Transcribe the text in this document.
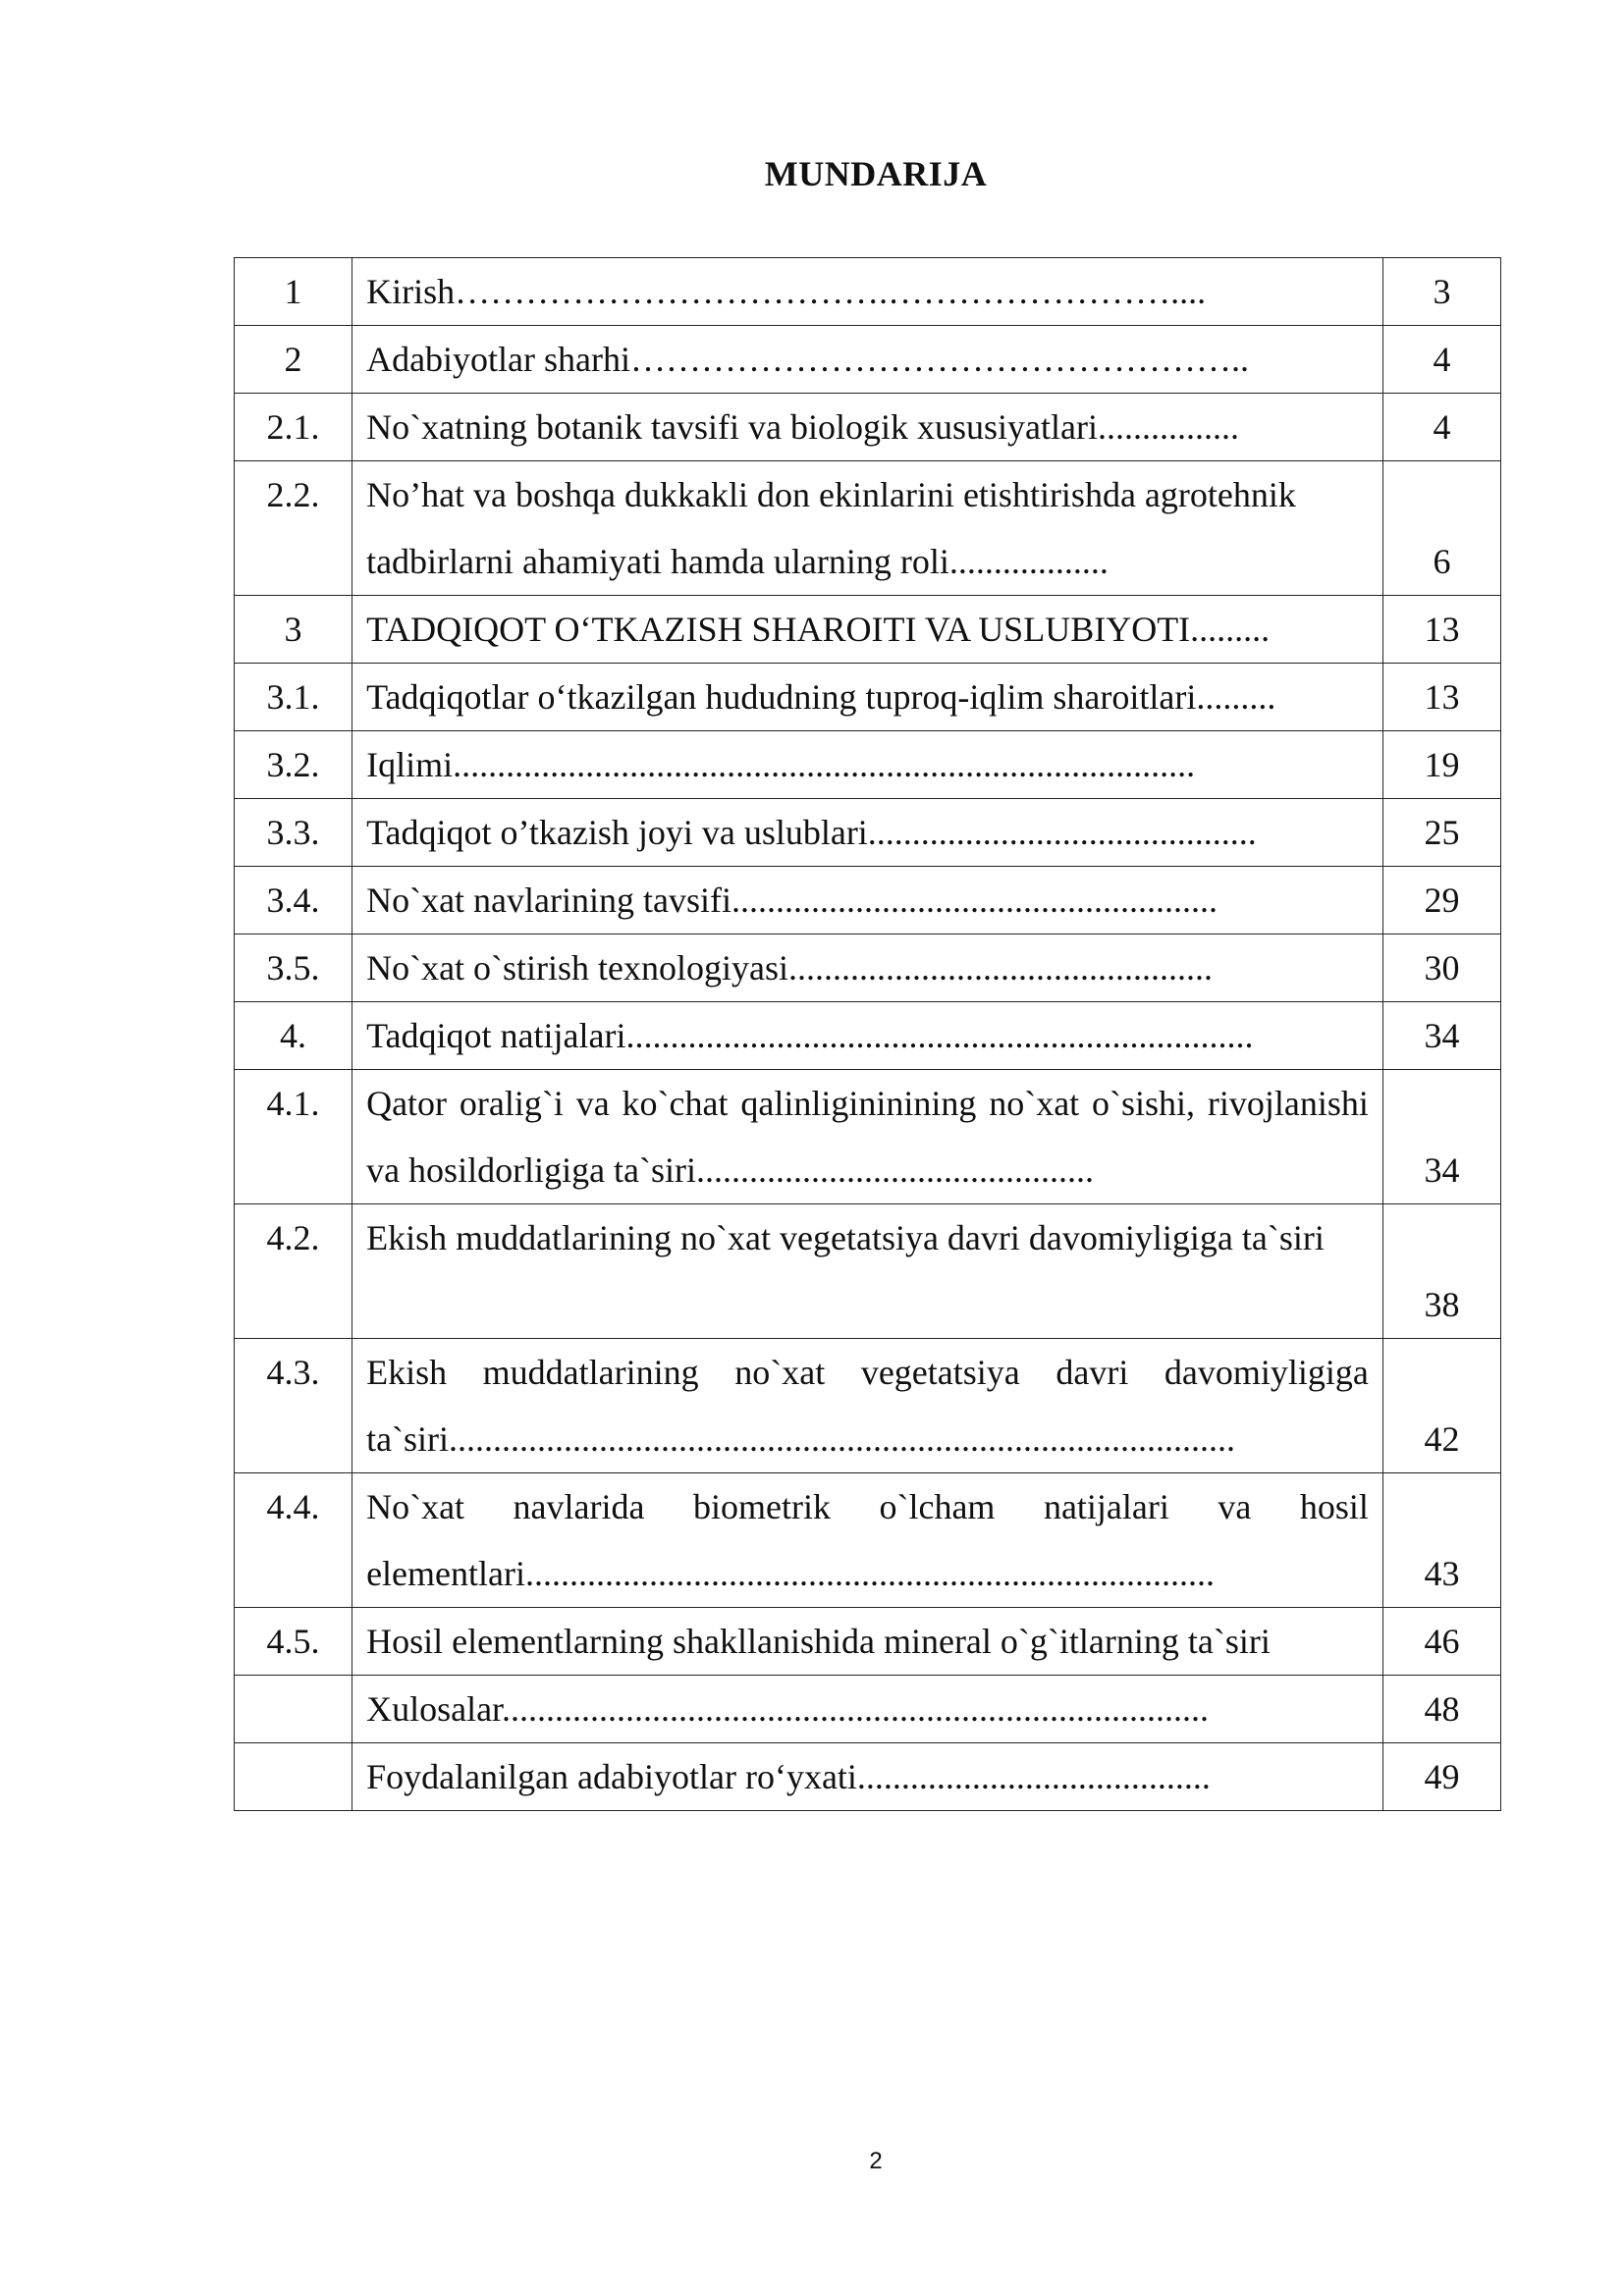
MUNDARIJA
1	Kirish……………………………….……………………....	3
2	Adabiyotlar sharhi……………………………………………..	4
2.1.	No`xatning botanik tavsifi va biologik xususiyatlari................	4
2.2.	No’hat va boshqa dukkakli don ekinlarini etishtirishda agrotehnik tadbirlarni ahamiyati hamda ularning roli..................	6
3	TADQIQOT O‘TKAZISH SHAROITI VA USLUBIYOTI.........	13
3.1.	Tadqiqotlar o‘tkazilgan hududning tuproq-iqlim sharoitlari.........	13
3.2.	Iqlimi....................................................................................	19
3.3.	Tadqiqot o’tkazish joyi va uslublari............................................	25
3.4.	No`xat navlarining tavsifi.......................................................	29
3.5.	No`xat o`stirish texnologiyasi................................................	30
4.	Tadqiqot natijalari.......................................................................	34
4.1.	Qator oralig`i va ko`chat qalinligininining no`xat o`sishi, rivojlanishi va hosildorligiga ta`siri.............................................	34
4.2.	Ekish muddatlarining no`xat vegetatsiya davri davomiyligiga ta`siri	38
4.3.	Ekish muddatlarining no`xat vegetatsiya davri davomiyligiga ta`siri.........................................................................................	42
4.4.	No`xat navlarida biometrik o`lcham natijalari va hosil elementlari..............................................................................	43
4.5.	Hosil elementlarning shakllanishida mineral o`g`itlarning ta`siri	46
	Xulosalar................................................................................	48
	Foydalanilgan adabiyotlar ro‘yxati........................................	49
2
